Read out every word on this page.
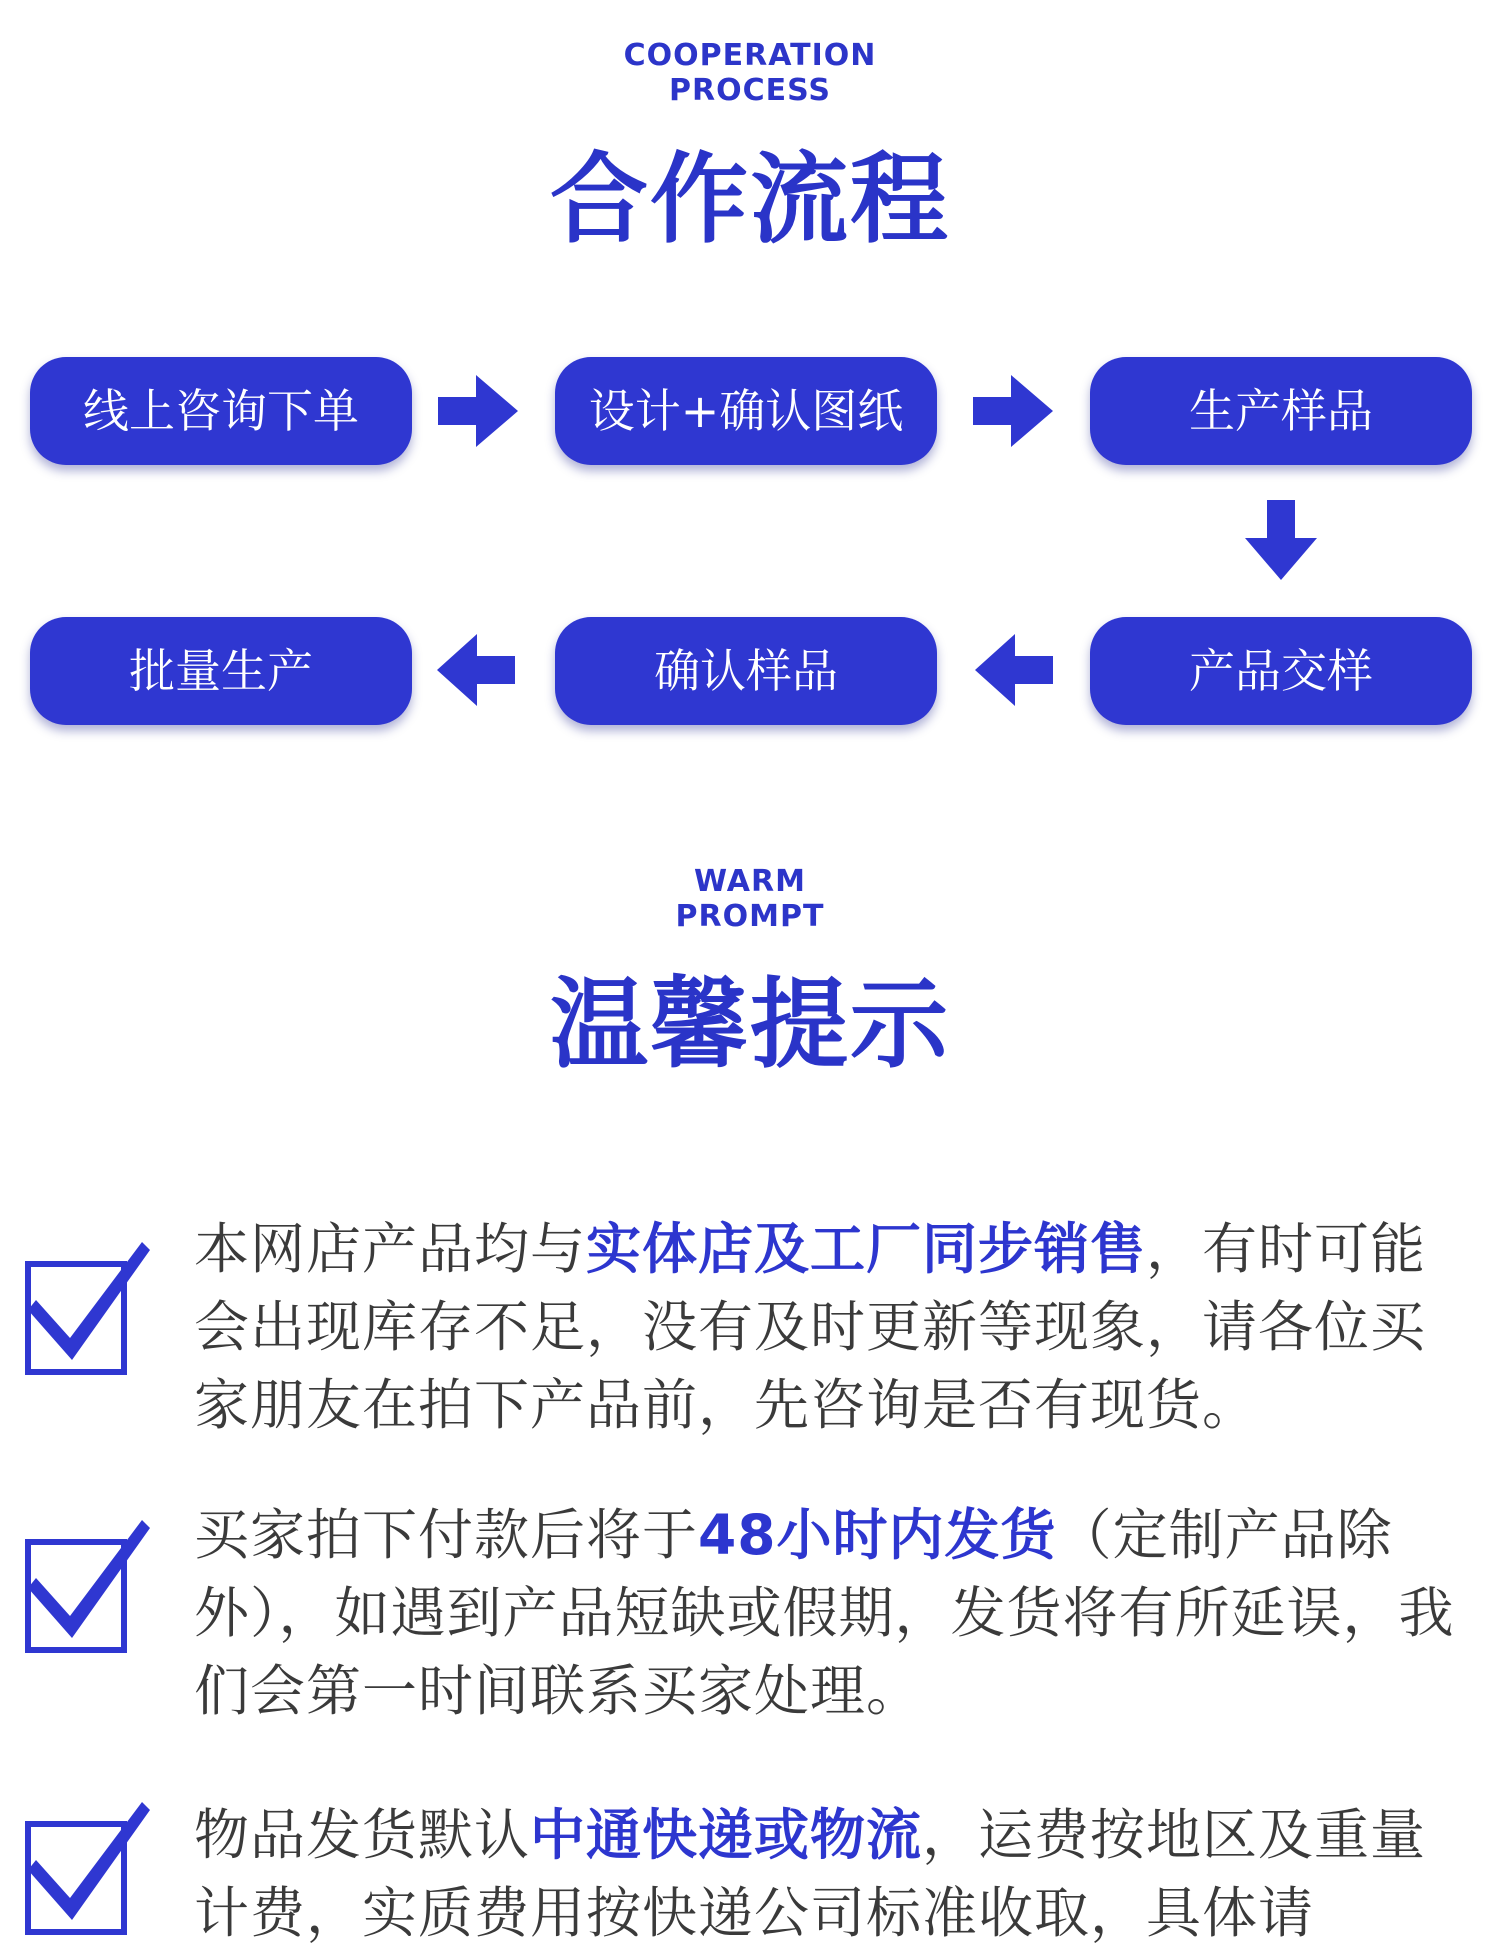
COOPERATION
PROCESS
合作流程
线上咨询下单	设计+确认图纸	生产样品
产品交样
确认样品
批量生产
WARM
PROMPT
温馨提示
本网店产品均与实体店及工厂同步销售，有时可能会出现库存不足，没有及时更新等现象，请各位买家朋友在拍下产品前，先咨询是否有现货。
买家拍下付款后将于48小时内发货（定制产品除外），如遇到产品短缺或假期，发货将有所延误，我们会第一时间联系买家处理。
物品发货默认中通快递或物流，运费按地区及重量计费，实质费用按快递公司标准收取，具体请
